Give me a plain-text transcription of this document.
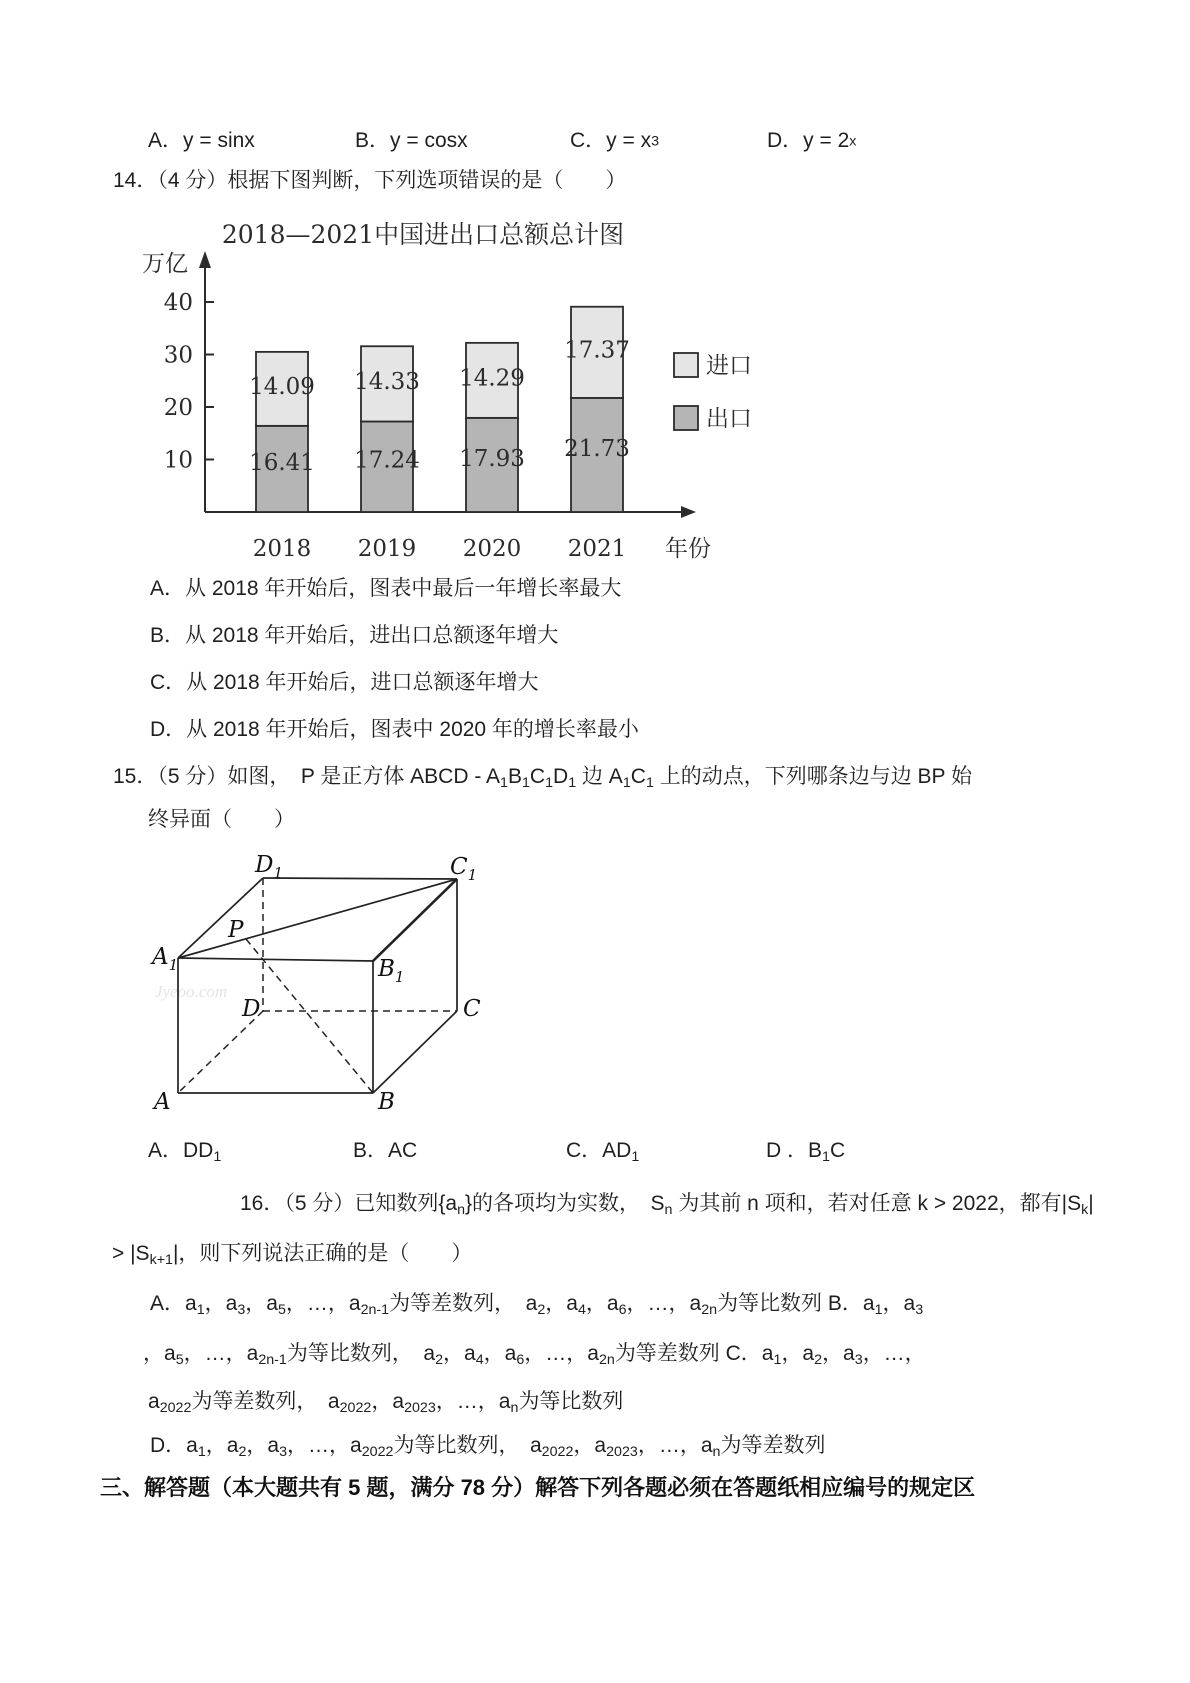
A．y = sinx	B．y = cosx	C．$y = x^3$	D．$y = 2^x$
14．（4 分）根据下图判断，下列选项错误的是（　　）
2018—2021中国进出口总额总计图
万亿
年份
10
20
30
40
14.09
16.41
2018
14.33
17.24
2019
14.29
17.93
2020
17.37
21.73
2021
进口
出口
A．从 2018 年开始后，图表中最后一年增长率最大
B．从 2018 年开始后，进出口总额逐年增大
C．从 2018 年开始后，进口总额逐年增大
D．从 2018 年开始后，图表中 2020 年的增长率最小
15．（5 分）如图，　P 是正方体 ABCD - $A_1B_1C_1D_1$ 边 $A_1C_1$ 上的动点，下列哪条边与边 BP 始
终异面（　　）
Jyeoo.com
$D_1$	$C_1$
$A_1$	$B_1$
P
D	C
A	B
A．$DD_1$	B．AC	C．$AD_1$	D ．$B_1C$
16．（5 分）已知数列$\{a_n\}$的各项均为实数，　$S_n$ 为其前 n 项和，若对任意 k > 2022，都有$|S_k|$
> $|S_{k+1}|$，则下列说法正确的是（　　）
A．$a_1$，$a_3$，$a_5$，…，$a_{2n-1}$为等差数列，　$a_2$，$a_4$，$a_6$，…，$a_{2n}$为等比数列 B．$a_1$，$a_3$
，$a_5$，…，$a_{2n-1}$为等比数列，　$a_2$，$a_4$，$a_6$，…，$a_{2n}$为等差数列 C．$a_1$，$a_2$，$a_3$，…，
$a_{2022}$为等差数列，　$a_{2022}$，$a_{2023}$，…，$a_n$为等比数列
D．$a_1$，$a_2$，$a_3$，…，$a_{2022}$为等比数列，　$a_{2022}$，$a_{2023}$，…，$a_n$为等差数列
三、解答题（本大题共有 5 题，满分 78 分）解答下列各题必须在答题纸相应编号的规定区
